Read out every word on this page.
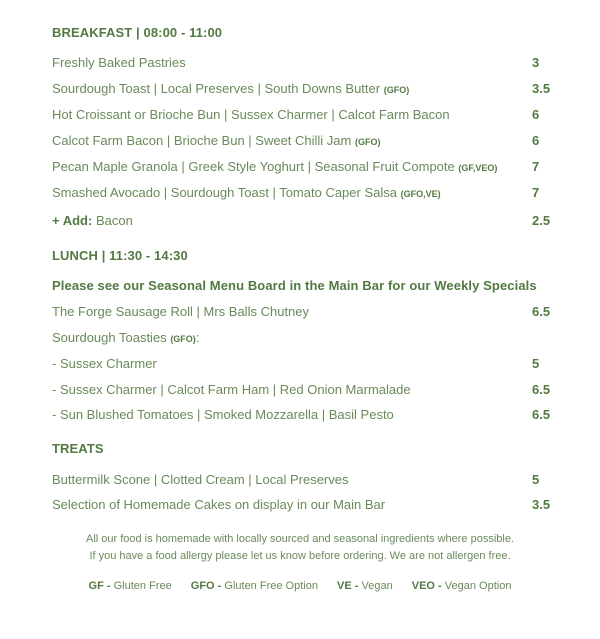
BREAKFAST | 08:00 - 11:00
Freshly Baked Pastries	3
Sourdough Toast | Local Preserves | South Downs Butter (GFO)	3.5
Hot Croissant or Brioche Bun | Sussex Charmer | Calcot Farm Bacon	6
Calcot Farm Bacon | Brioche Bun | Sweet Chilli Jam (GFO)	6
Pecan Maple Granola | Greek Style Yoghurt | Seasonal Fruit Compote (GF,VEO)	7
Smashed Avocado | Sourdough Toast | Tomato Caper Salsa (GFO,VE)	7
+ Add: Bacon	2.5
LUNCH | 11:30 - 14:30
Please see our Seasonal Menu Board in the Main Bar for our Weekly Specials
The Forge Sausage Roll | Mrs Balls Chutney	6.5
Sourdough Toasties (GFO):
- Sussex Charmer	5
- Sussex Charmer | Calcot Farm Ham | Red Onion Marmalade	6.5
- Sun Blushed Tomatoes | Smoked Mozzarella | Basil Pesto	6.5
TREATS
Buttermilk Scone | Clotted Cream | Local Preserves	5
Selection of Homemade Cakes on display in our Main Bar	3.5
All our food is homemade with locally sourced and seasonal ingredients where possible.
If you have a food allergy please let us know before ordering. We are not allergen free.
GF - Gluten Free GFO - Gluten Free Option VE - Vegan VEO - Vegan Option
